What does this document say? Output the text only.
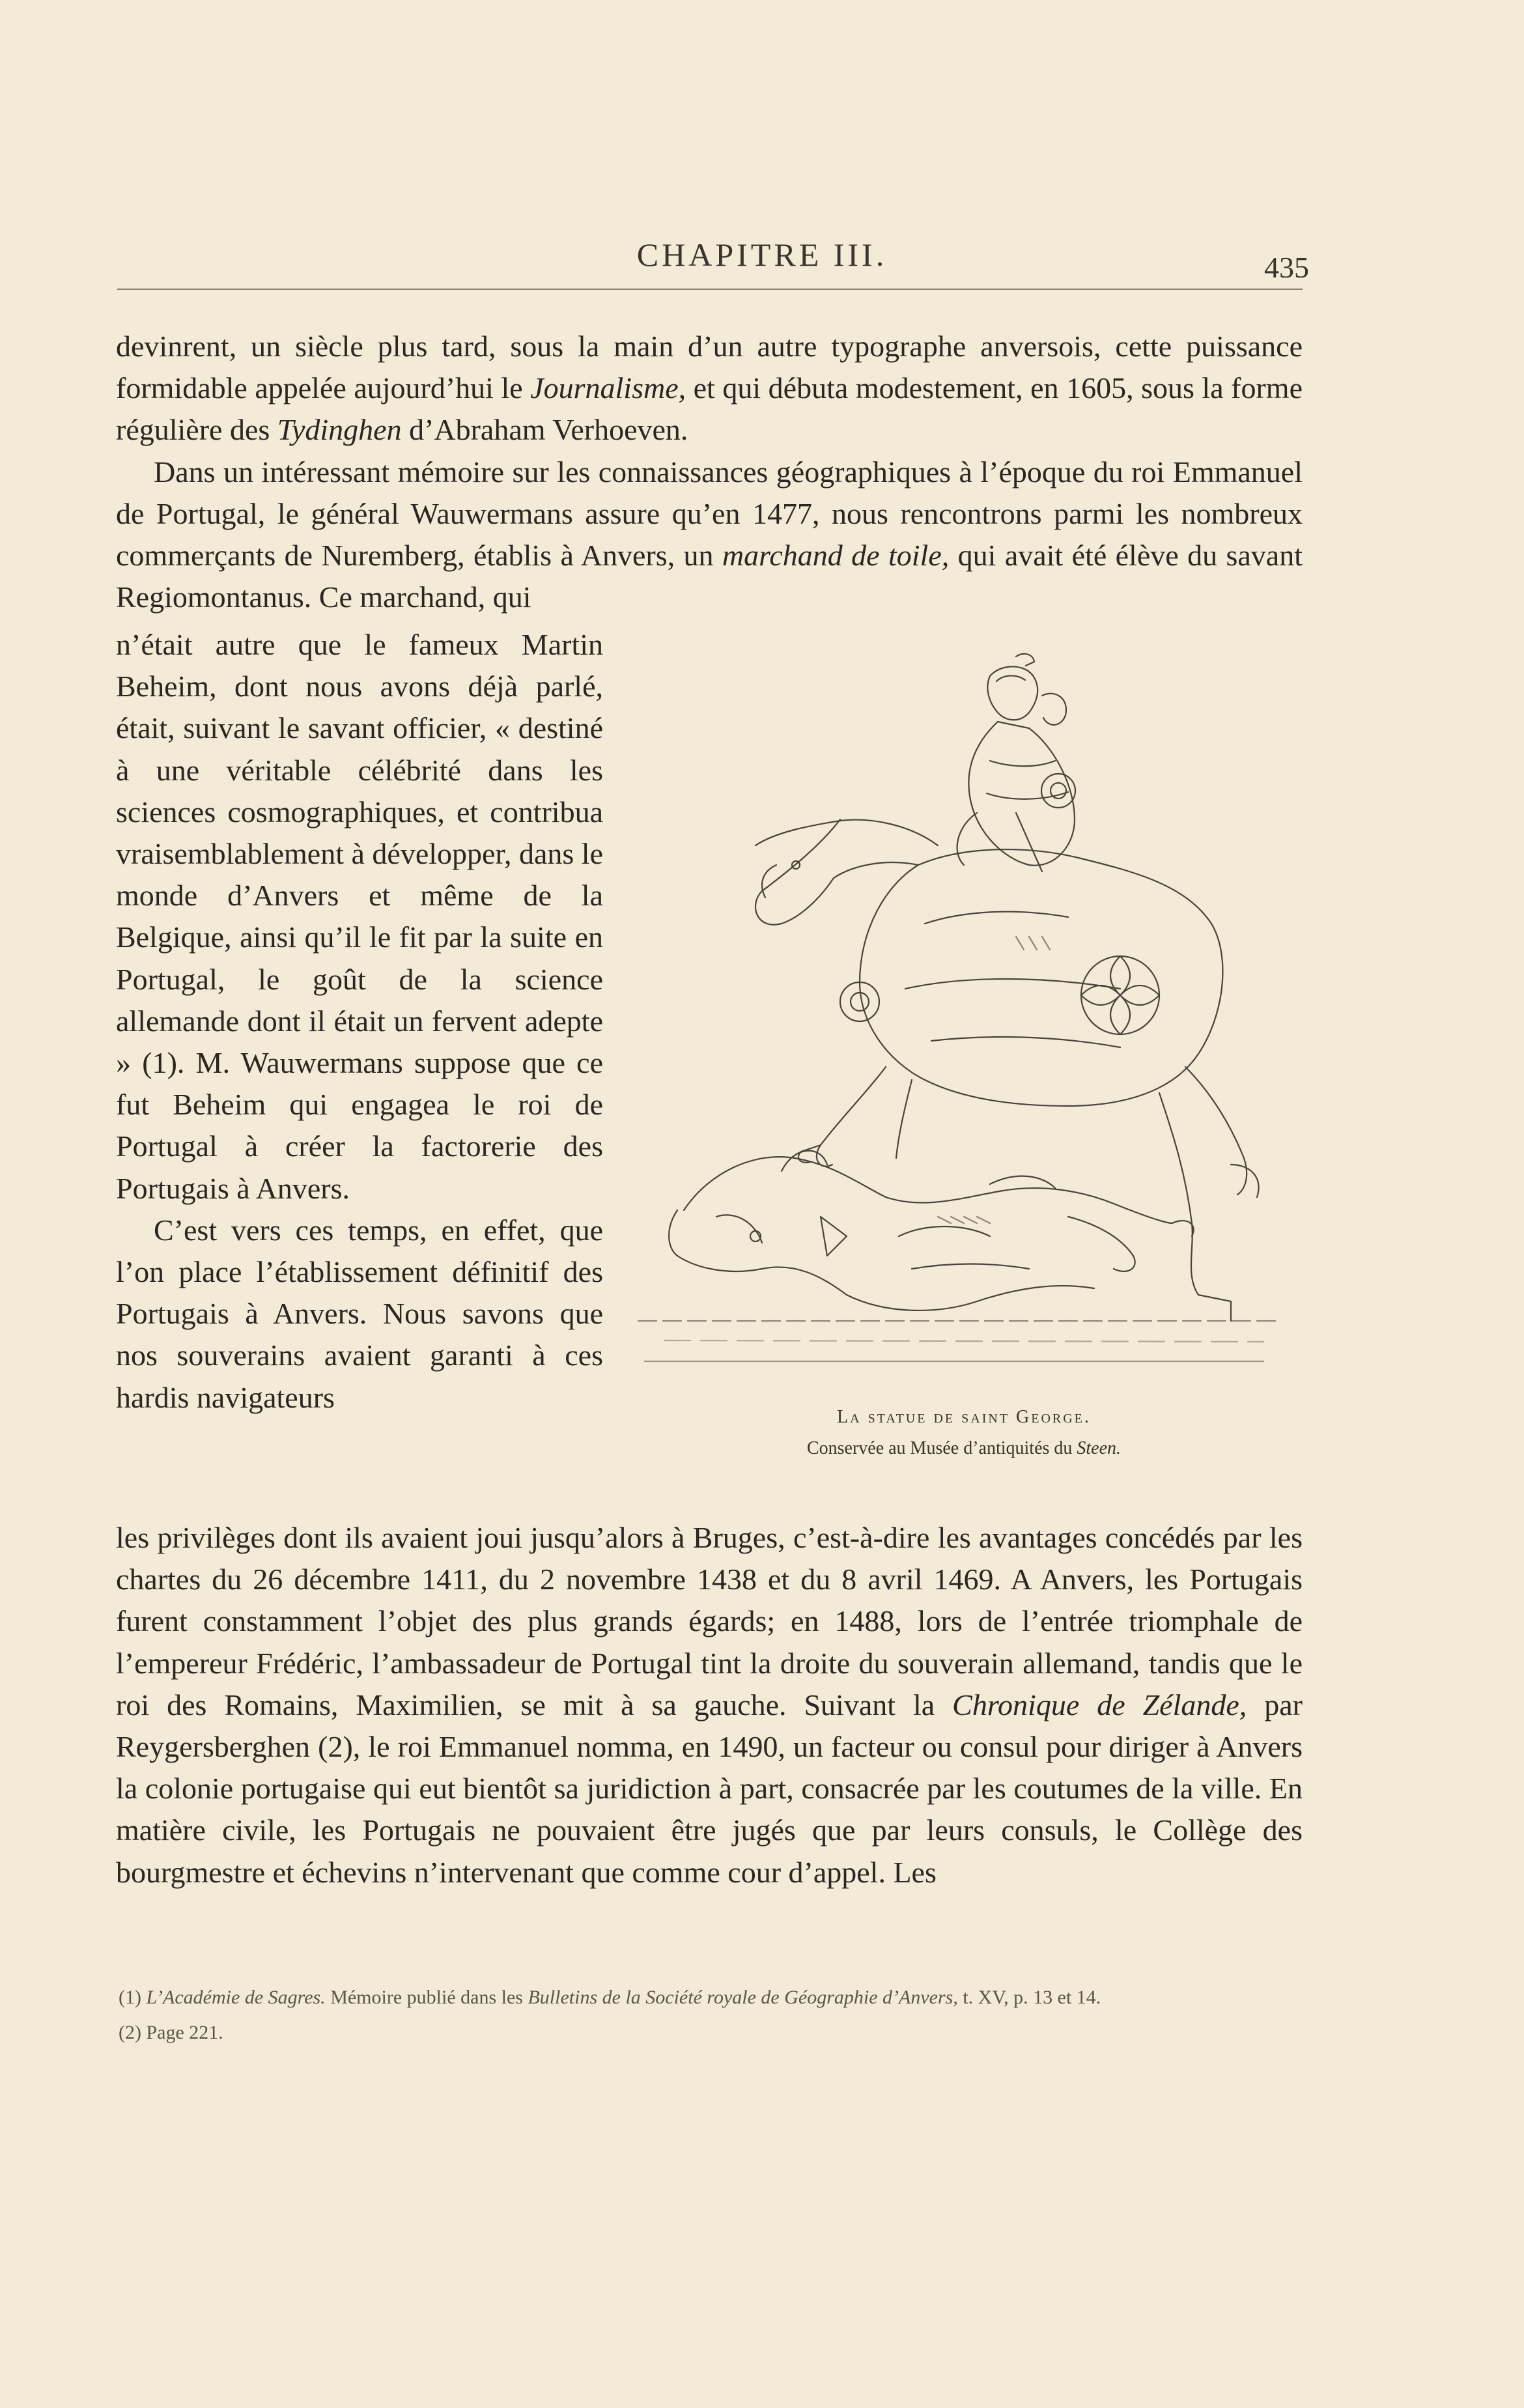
CHAPITRE III.	435

devinrent, un siècle plus tard, sous la main d’un autre typographe anversois, cette puissance formidable appelée aujourd’hui le Journalisme, et qui débuta modestement, en 1605, sous la forme régulière des Tydinghen d’Abraham Verhoeven.

Dans un intéressant mémoire sur les connaissances géographiques à l’époque du roi Emmanuel de Portugal, le général Wauwermans assure qu’en 1477, nous rencontrons parmi les nombreux commerçants de Nuremberg, établis à Anvers, un marchand de toile, qui avait été élève du savant Regiomontanus. Ce marchand, qui

n’était autre que le fameux Martin Beheim, dont nous avons déjà parlé, était, suivant le savant officier, « destiné à une véritable célébrité dans les sciences cosmographiques, et contribua vraisemblablement à développer, dans le monde d’Anvers et même de la Belgique, ainsi qu’il le fit par la suite en Portugal, le goût de la science allemande dont il était un fervent adepte » (1). M. Wauwermans suppose que ce fut Beheim qui engagea le roi de Portugal à créer la factorerie des Portugais à Anvers.

C’est vers ces temps, en effet, que l’on place l’établissement définitif des Portugais à Anvers. Nous savons que nos souverains avaient garanti à ces hardis navigateurs

La statue de saint George.
Conservée au Musée d’antiquités du Steen.

les privilèges dont ils avaient joui jusqu’alors à Bruges, c’est-à-dire les avantages concédés par les chartes du 26 décembre 1411, du 2 novembre 1438 et du 8 avril 1469. A Anvers, les Portugais furent constamment l’objet des plus grands égards; en 1488, lors de l’entrée triomphale de l’empereur Frédéric, l’ambassadeur de Portugal tint la droite du souverain allemand, tandis que le roi des Romains, Maximilien, se mit à sa gauche. Suivant la Chronique de Zélande, par Reygersberghen (2), le roi Emmanuel nomma, en 1490, un facteur ou consul pour diriger à Anvers la colonie portugaise qui eut bientôt sa juridiction à part, consacrée par les coutumes de la ville. En matière civile, les Portugais ne pouvaient être jugés que par leurs consuls, le Collège des bourgmestre et échevins n’intervenant que comme cour d’appel. Les

(1) L’Académie de Sagres. Mémoire publié dans les Bulletins de la Société royale de Géographie d’Anvers, t. XV, p. 13 et 14.
(2) Page 221.
